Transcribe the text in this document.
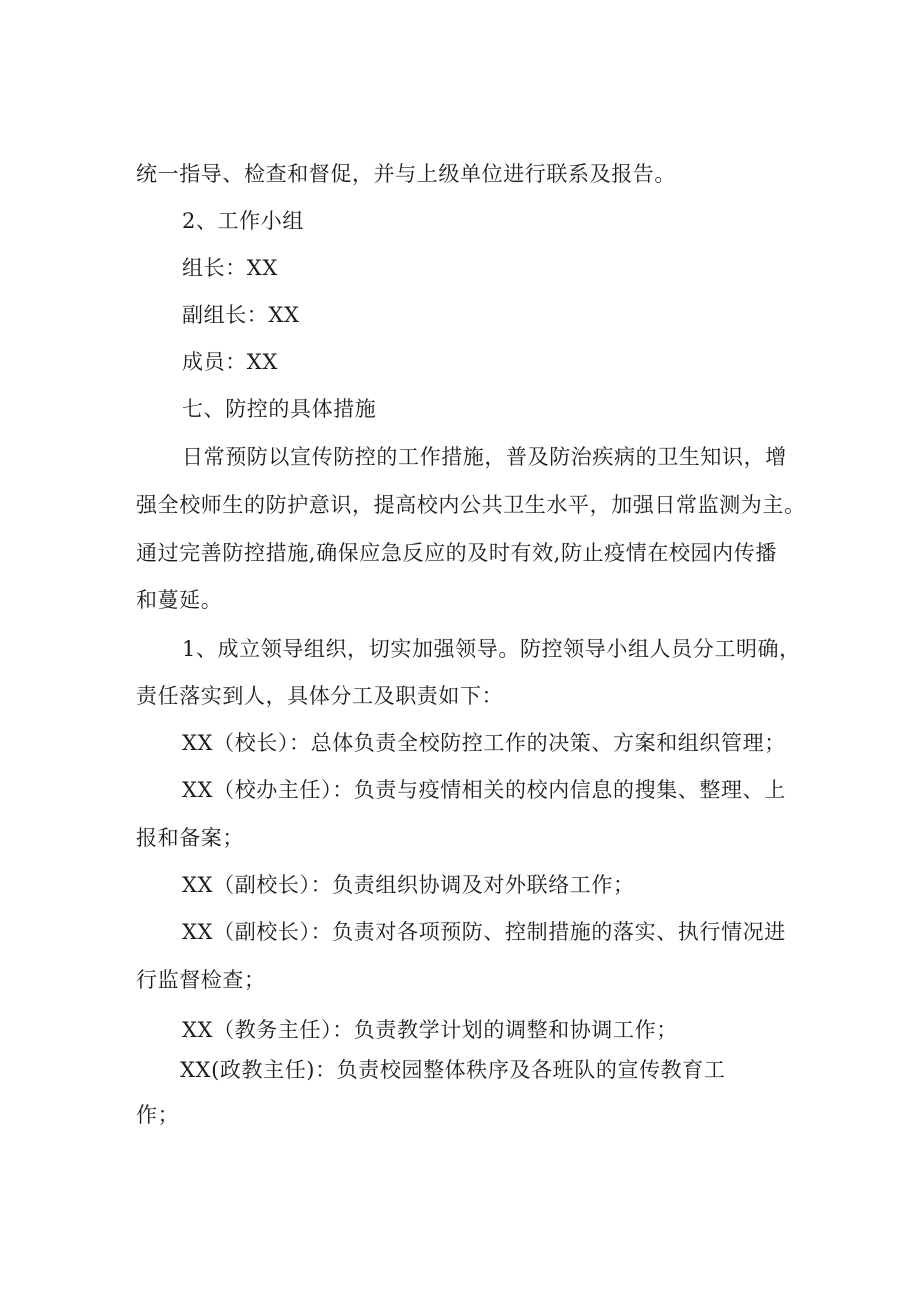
统一指导、检查和督促，并与上级单位进行联系及报告。
2、工作小组
组长：XX
副组长：XX
成员：XX
七、防控的具体措施
日常预防以宣传防控的工作措施，普及防治疾病的卫生知识，增
强全校师生的防护意识，提高校内公共卫生水平，加强日常监测为主。
通过完善防控措施,确保应急反应的及时有效,防止疫情在校园内传播
和蔓延。
1、成立领导组织，切实加强领导。防控领导小组人员分工明确，
责任落实到人，具体分工及职责如下：
XX（校长）：总体负责全校防控工作的决策、方案和组织管理；
XX（校办主任）：负责与疫情相关的校内信息的搜集、整理、上
报和备案；
XX（副校长）：负责组织协调及对外联络工作；
XX（副校长）：负责对各项预防、控制措施的落实、执行情况进
行监督检查；
XX（教务主任）：负责教学计划的调整和协调工作；
XX(政教主任)：负责校园整体秩序及各班队的宣传教育工
作；
